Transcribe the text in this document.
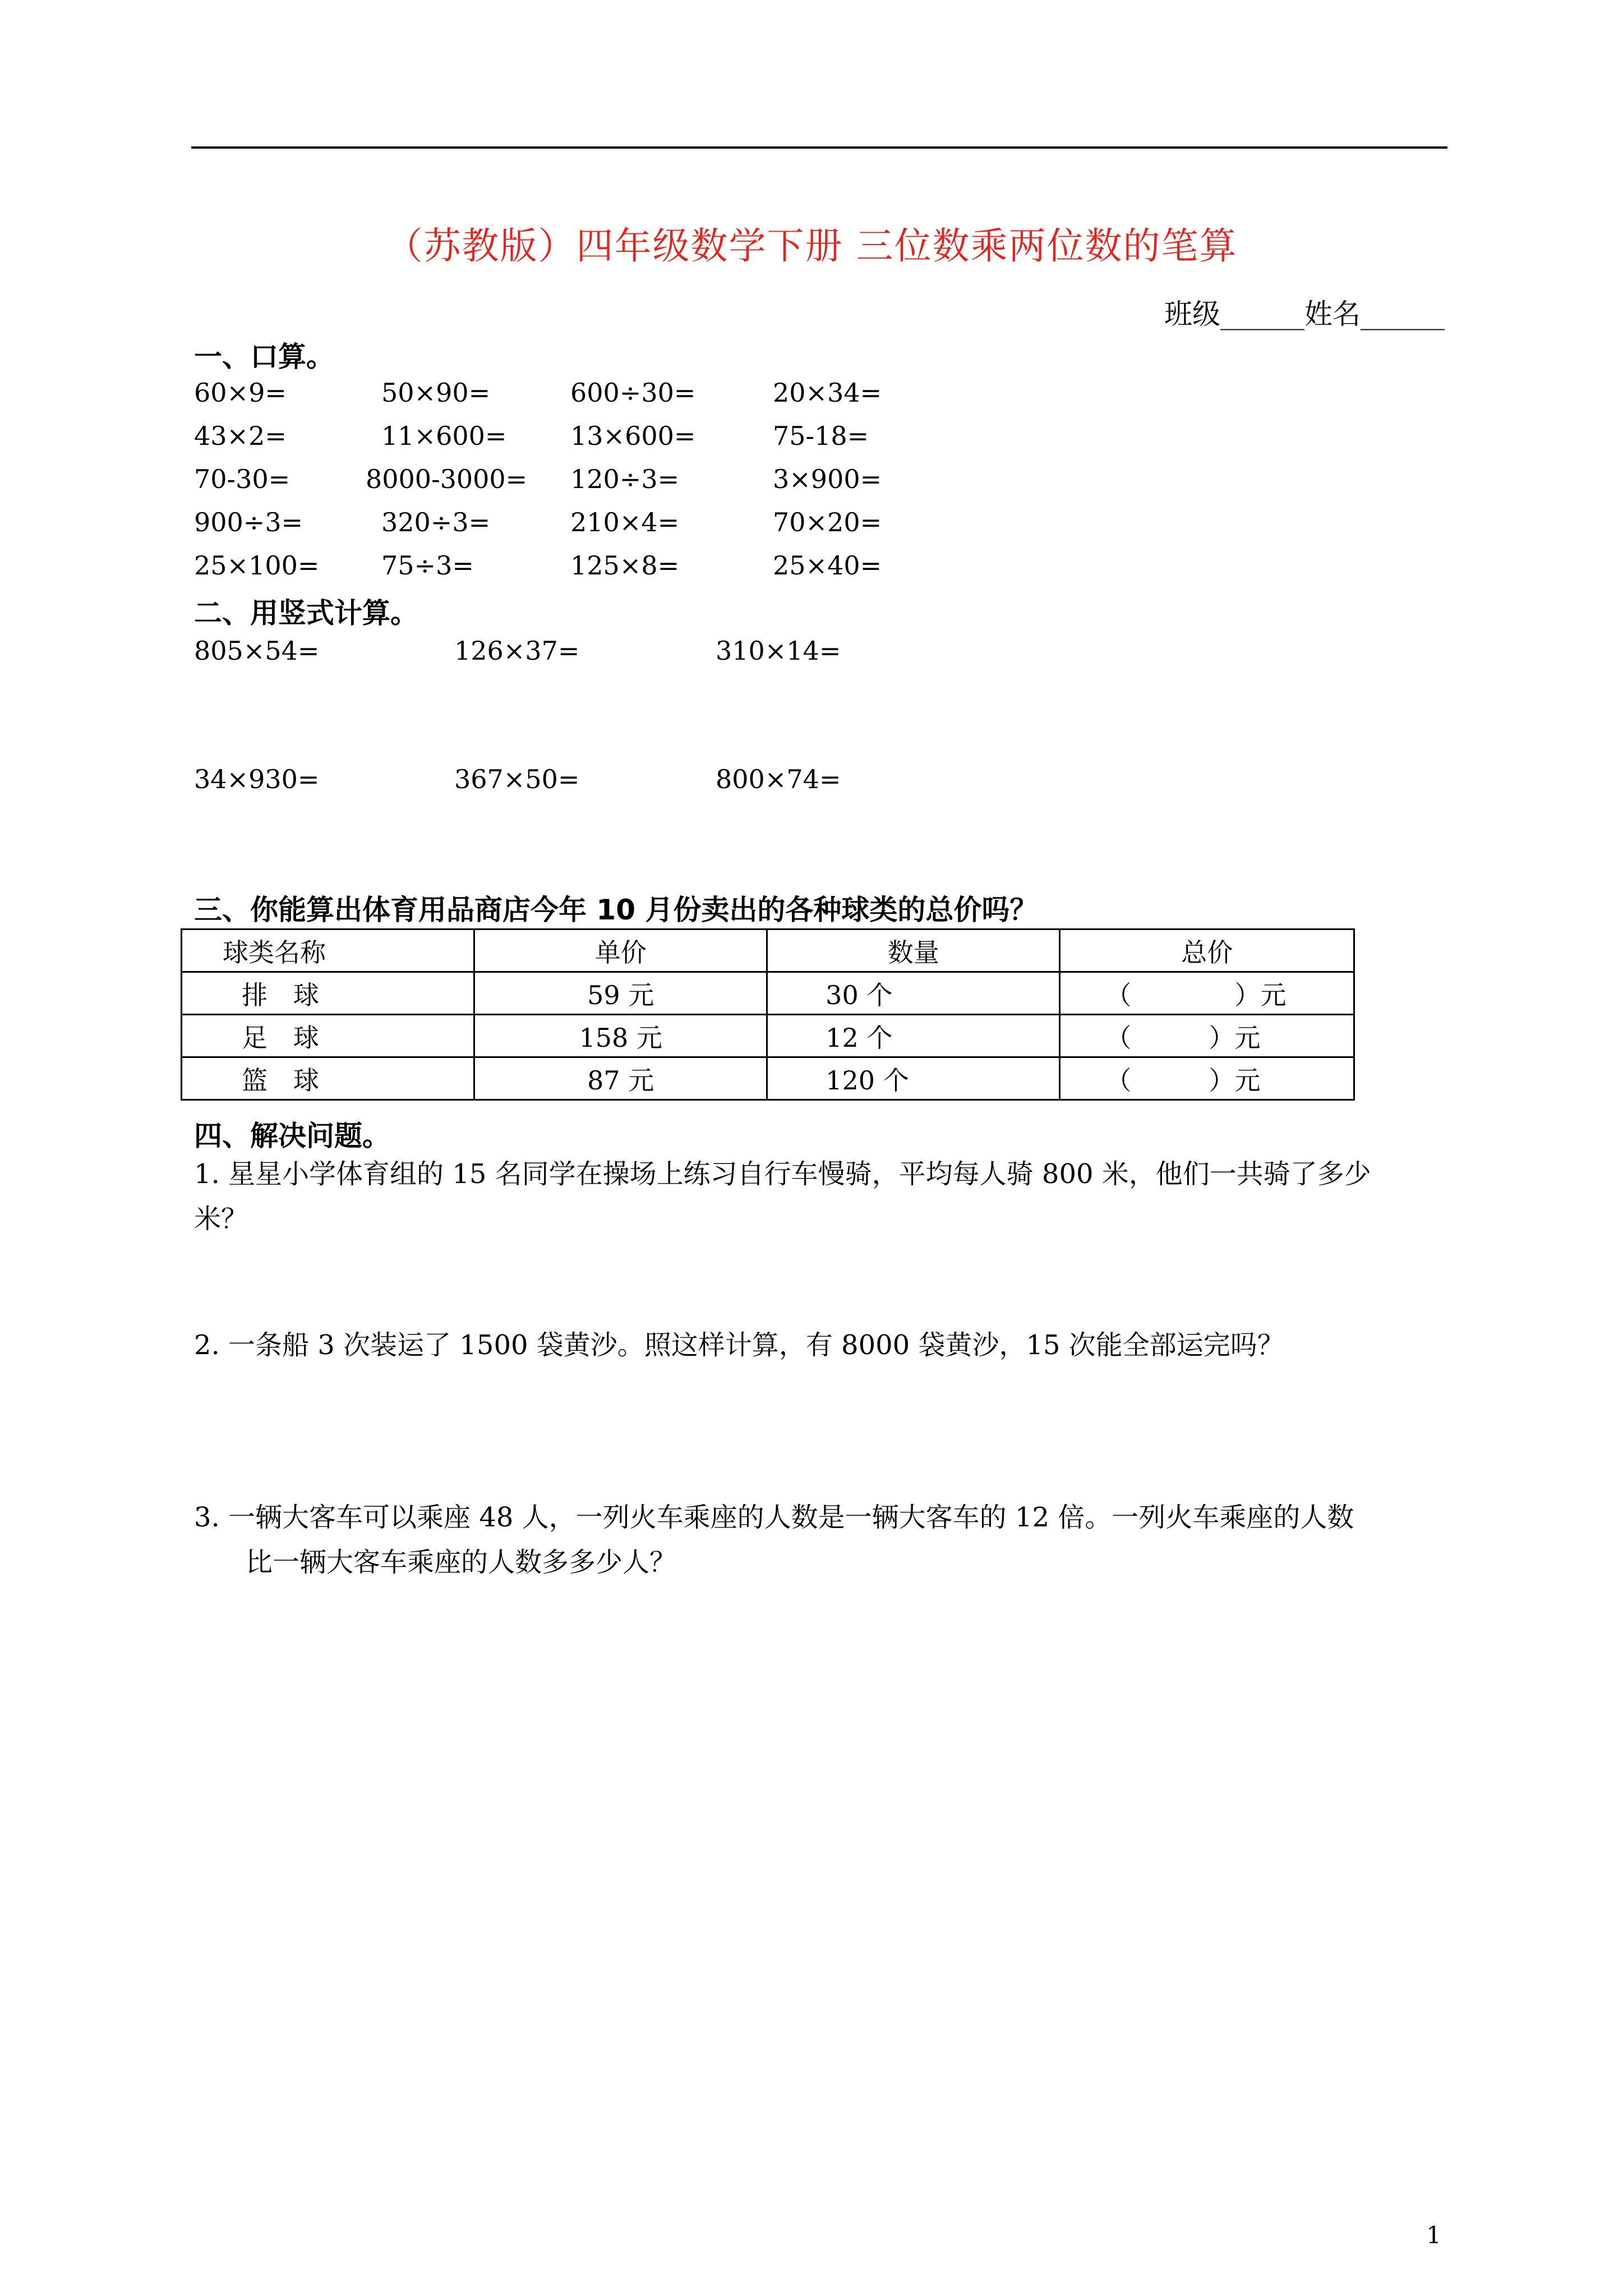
（苏教版）四年级数学下册 三位数乘两位数的笔算
班级______姓名______
一、口算。
60×9=	50×90=	600÷30=	20×34=
43×2=	11×600= 13×600=	75-18=
70-30=	8000-3000= 120÷3=	3×900=
900÷3=	320÷3=	210×4=	70×20=
25×100= 75÷3=	125×8=	25×40=
二、用竖式计算。
805×54=	126×37=	310×14=
34×930=	367×50=	800×74=
三、你能算出体育用品商店今年 10 月份卖出的各种球类的总价吗？
球类名称	单价	数量	总价
排　球	59 元	30 个	（　　　　）元
足　球	158 元	12 个	（　　　）元
篮　球	87 元	120 个	（　　　）元
四、解决问题。
1. 星星小学体育组的 15 名同学在操场上练习自行车慢骑，平均每人骑 800 米，他们一共骑了多少
米？
2. 一条船 3 次装运了 1500 袋黄沙。照这样计算，有 8000 袋黄沙，15 次能全部运完吗？
3. 一辆大客车可以乘座 48 人，一列火车乘座的人数是一辆大客车的 12 倍。一列火车乘座的人数
比一辆大客车乘座的人数多多少人？
1
